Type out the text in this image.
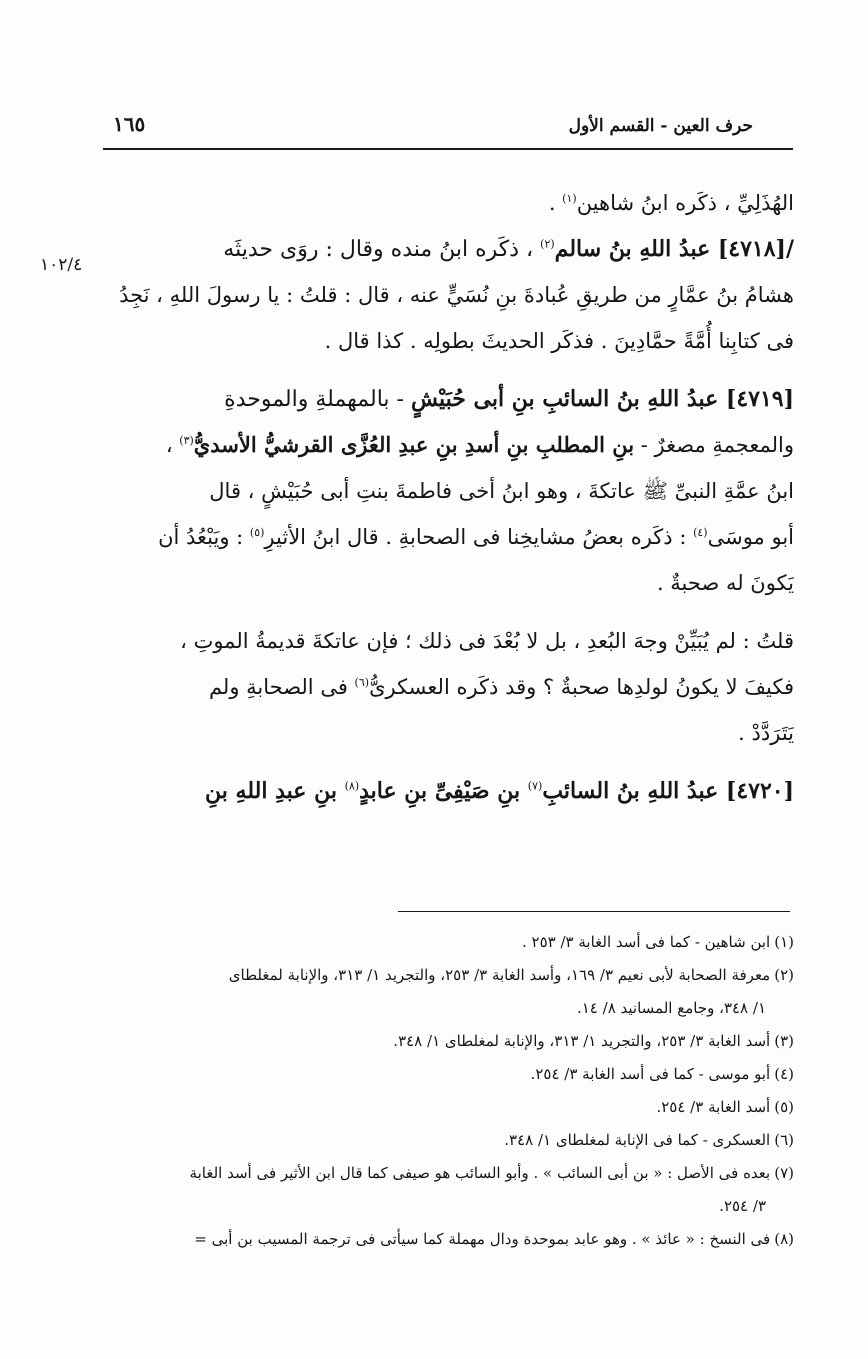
حرف العين - القسم الأول
١٦٥
١٠٢/٤
الهُذَلِيِّ ، ذكَره ابنُ شاهين$^{(١)}$ .
/[٤٧١٨] عبدُ اللهِ بنُ سالم$^{(٢)}$ ، ذكَره ابنُ منده وقال : روَى حديثَه
هشامُ بنُ عمَّارٍ من طريقِ عُبادةَ بنِ نُسَيٍّ عنه ، قال : قلتُ : يا رسولَ اللهِ ، نَجِدُ
فى كتابِنا أُمَّةً حمَّادِينَ . فذكَر الحديثَ بطولِه . كذا قال .
[٤٧١٩] عبدُ اللهِ بنُ السائبِ بنِ أبى حُبَيْشٍ - بالمهملةِ والموحدةِ
والمعجمةِ مصغرٌ - بنِ المطلبِ بنِ أسدِ بنِ عبدِ العُزَّى القرشيُّ الأسديُّ$^{(٣)}$ ،
ابنُ عمَّةِ النبىِّ ﷺ عاتكةَ ، وهو ابنُ أخى فاطمةَ بنتِ أبى حُبَيْشٍ ، قال
أبو موسَى$^{(٤)}$ : ذكَره بعضُ مشايخِنا فى الصحابةِ . قال ابنُ الأثيرِ$^{(٥)}$ : ويَبْعُدُ أن
يَكونَ له صحبةٌ .
قلتُ : لم يُبَيِّنْ وجهَ البُعدِ ، بل لا بُعْدَ فى ذلك ؛ فإن عاتكةَ قديمةُ الموتِ ،
فكيفَ لا يكونُ لولدِها صحبةٌ ؟ وقد ذكَره العسكرىُّ$^{(٦)}$ فى الصحابةِ ولم
يَتَرَدَّدْ .
[٤٧٢٠] عبدُ اللهِ بنُ السائبِ$^{(٧)}$ بنِ صَيْفِىِّ بنِ عابدٍ$^{(٨)}$ بنِ عبدِ اللهِ بنِ
(١)ابن شاهين - كما فى أسد الغابة ٣/ ٢٥٣ .
(٢)معرفة الصحابة لأبى نعيم ٣/ ١٦٩، وأسد الغابة ٣/ ٢٥٣، والتجريد ١/ ٣١٣، والإنابة لمغلطاى
١/ ٣٤٨، وجامع المسانيد ٨/ ١٤.
(٣)أسد الغابة ٣/ ٢٥٣، والتجريد ١/ ٣١٣، والإنابة لمغلطاى ١/ ٣٤٨.
(٤)أبو موسى - كما فى أسد الغابة ٣/ ٢٥٤.
(٥)أسد الغابة ٣/ ٢٥٤.
(٦)العسكرى - كما فى الإنابة لمغلطاى ١/ ٣٤٨.
(٧)بعده فى الأصل : « بن أبى السائب » . وأبو السائب هو صيفى كما قال ابن الأثير فى أسد الغابة
٣/ ٢٥٤.
(٨)فى النسخ : « عائذ » . وهو عابد بموحدة ودال مهملة كما سيأتى فى ترجمة المسيب بن أبى =
